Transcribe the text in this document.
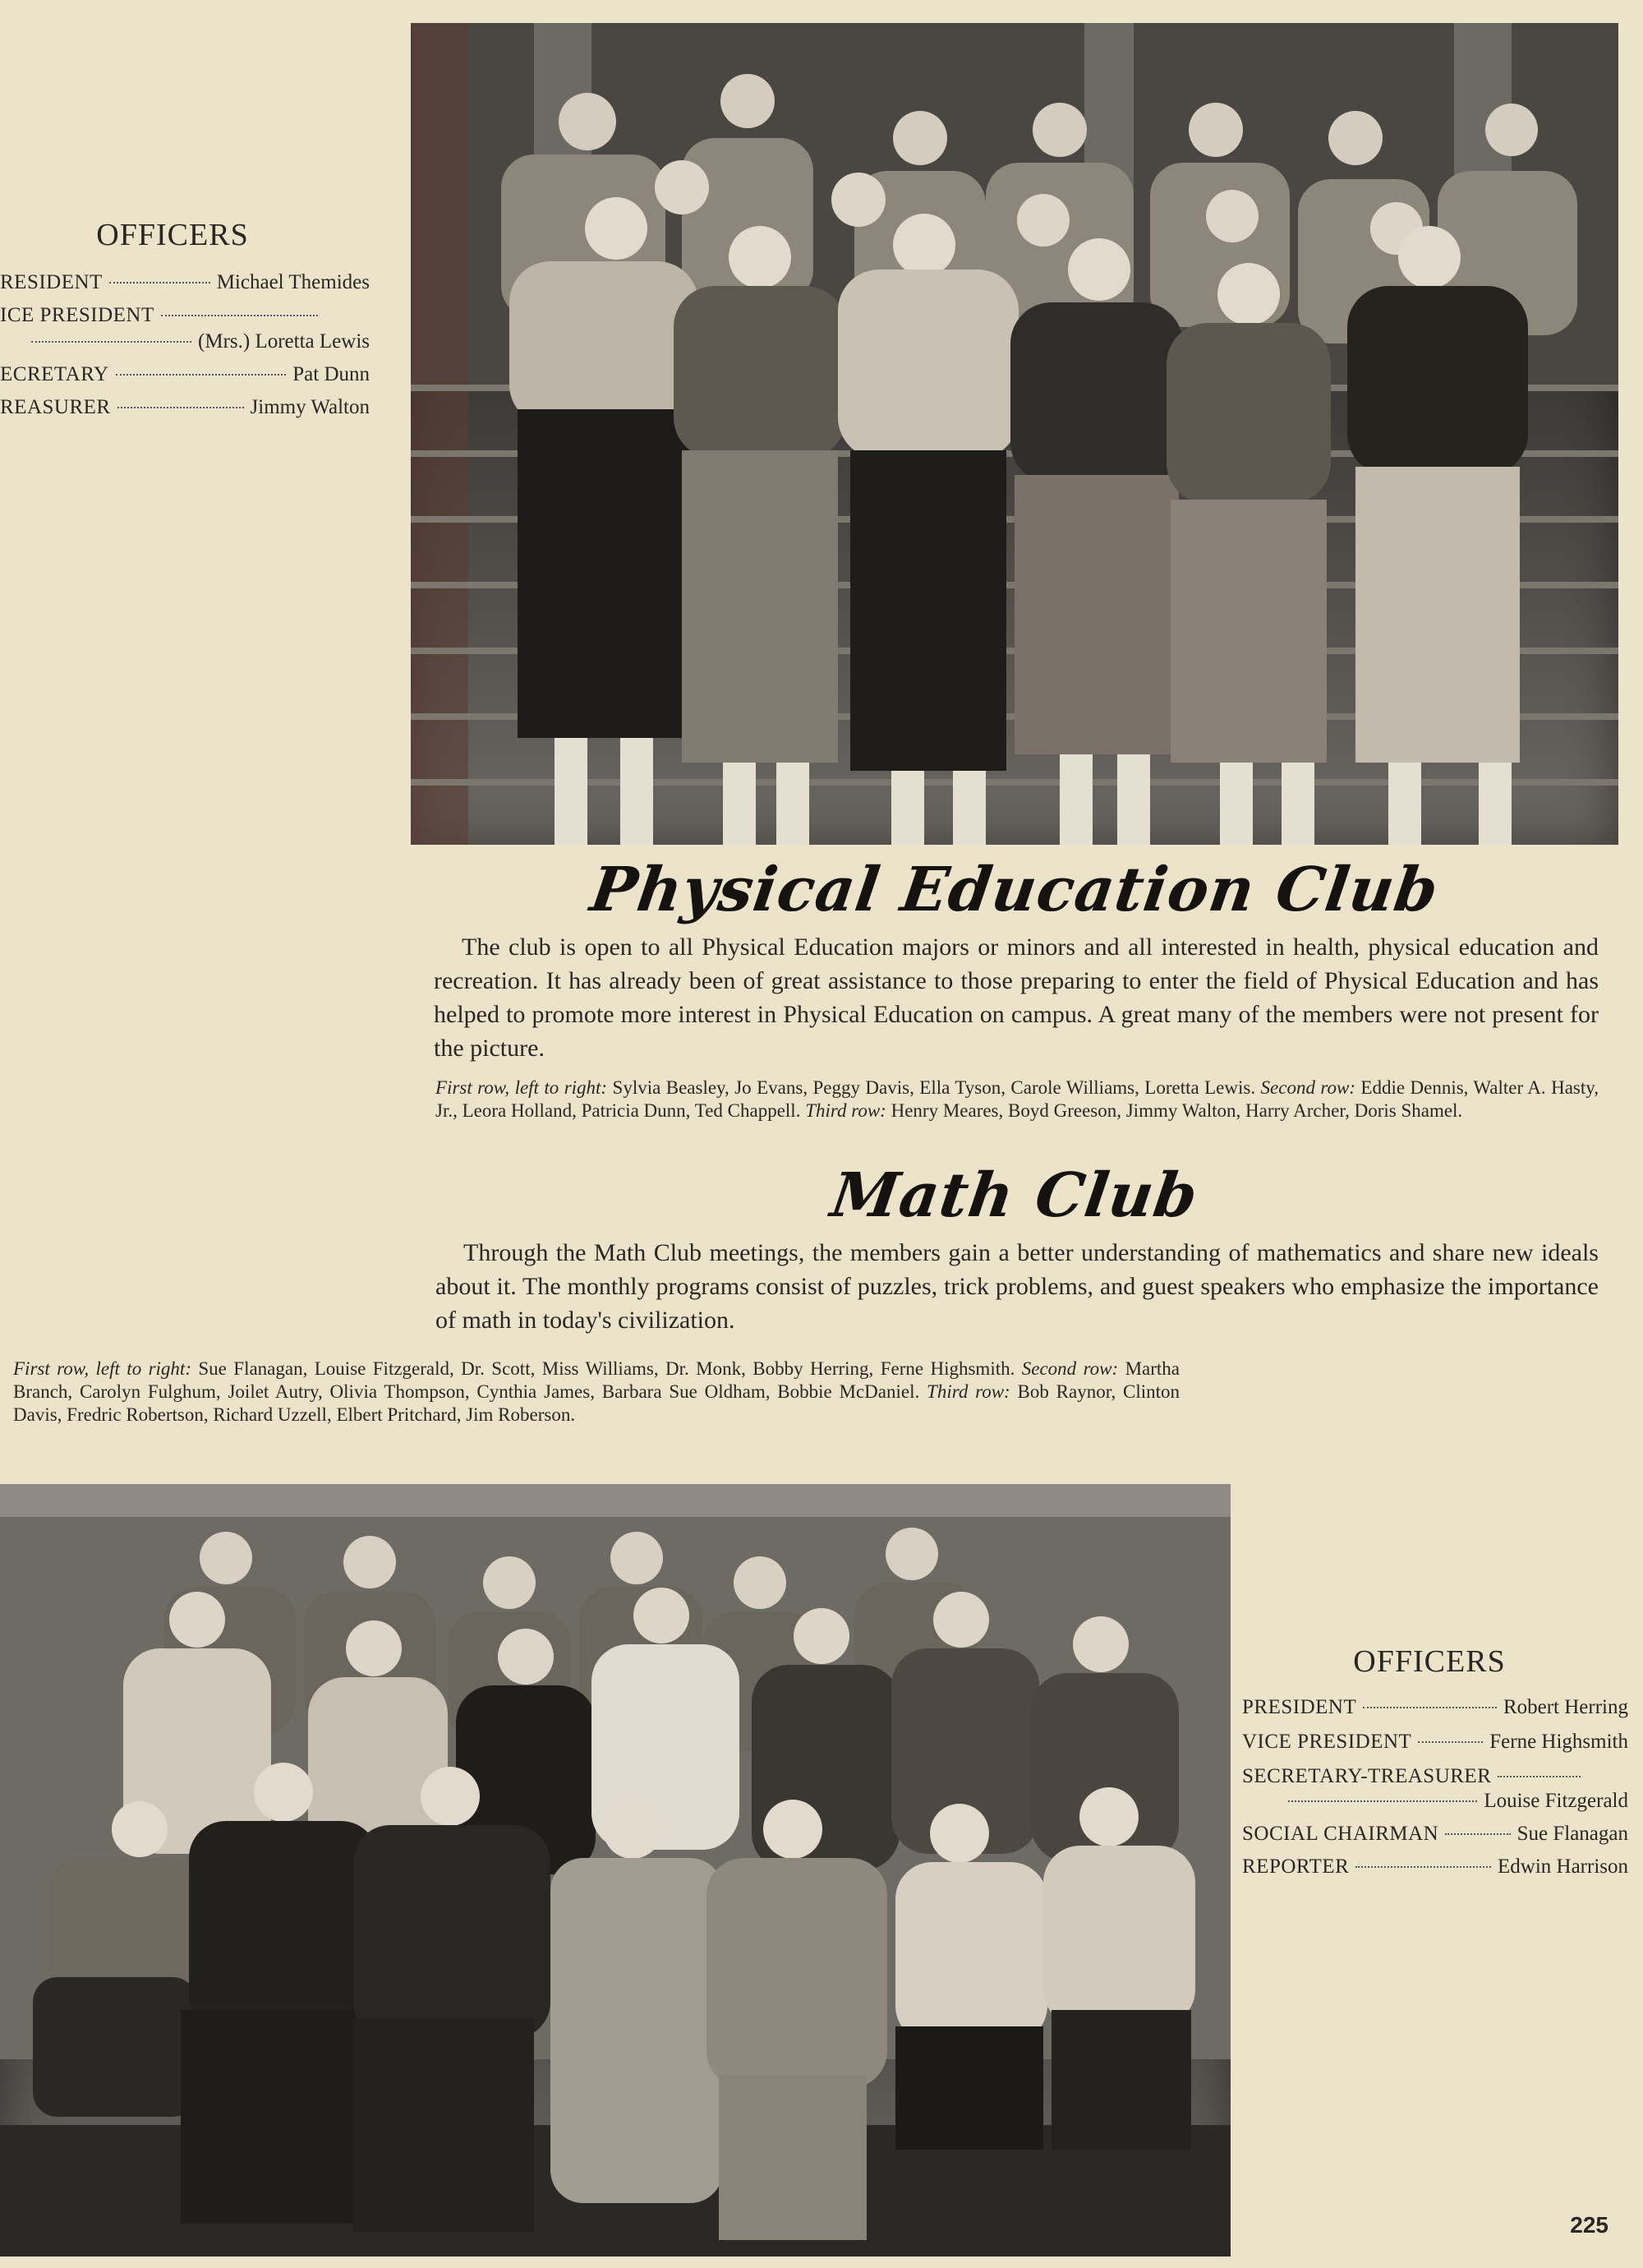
OFFICERS
RESIDENT	Michael Themides
ICE PRESIDENT
(Mrs.) Loretta Lewis
ECRETARY	Pat Dunn
REASURER	Jimmy Walton
Physical Education Club
The club is open to all Physical Education majors or minors and all interested in health, physical education and recreation. It has already been of great assistance to those preparing to enter the field of Physical Education and has helped to promote more interest in Physical Education on campus. A great many of the members were not present for the picture.
First row, left to right: Sylvia Beasley, Jo Evans, Peggy Davis, Ella Tyson, Carole Williams, Loretta Lewis. Second row: Eddie Dennis, Walter A. Hasty, Jr., Leora Holland, Patricia Dunn, Ted Chappell. Third row: Henry Meares, Boyd Greeson, Jimmy Walton, Harry Archer, Doris Shamel.
Math Club
Through the Math Club meetings, the members gain a better understanding of mathematics and share new ideals about it. The monthly programs consist of puzzles, trick problems, and guest speakers who emphasize the importance of math in today's civilization.
First row, left to right: Sue Flanagan, Louise Fitzgerald, Dr. Scott, Miss Williams, Dr. Monk, Bobby Herring, Ferne Highsmith. Second row: Martha Branch, Carolyn Fulghum, Joilet Autry, Olivia Thompson, Cynthia James, Barbara Sue Oldham, Bobbie McDaniel. Third row: Bob Raynor, Clinton Davis, Fredric Robertson, Richard Uzzell, Elbert Pritchard, Jim Roberson.
OFFICERS
PRESIDENT	Robert Herring
VICE PRESIDENT	Ferne Highsmith
SECRETARY-TREASURER
Louise Fitzgerald
SOCIAL CHAIRMAN	Sue Flanagan
REPORTER	Edwin Harrison
225
